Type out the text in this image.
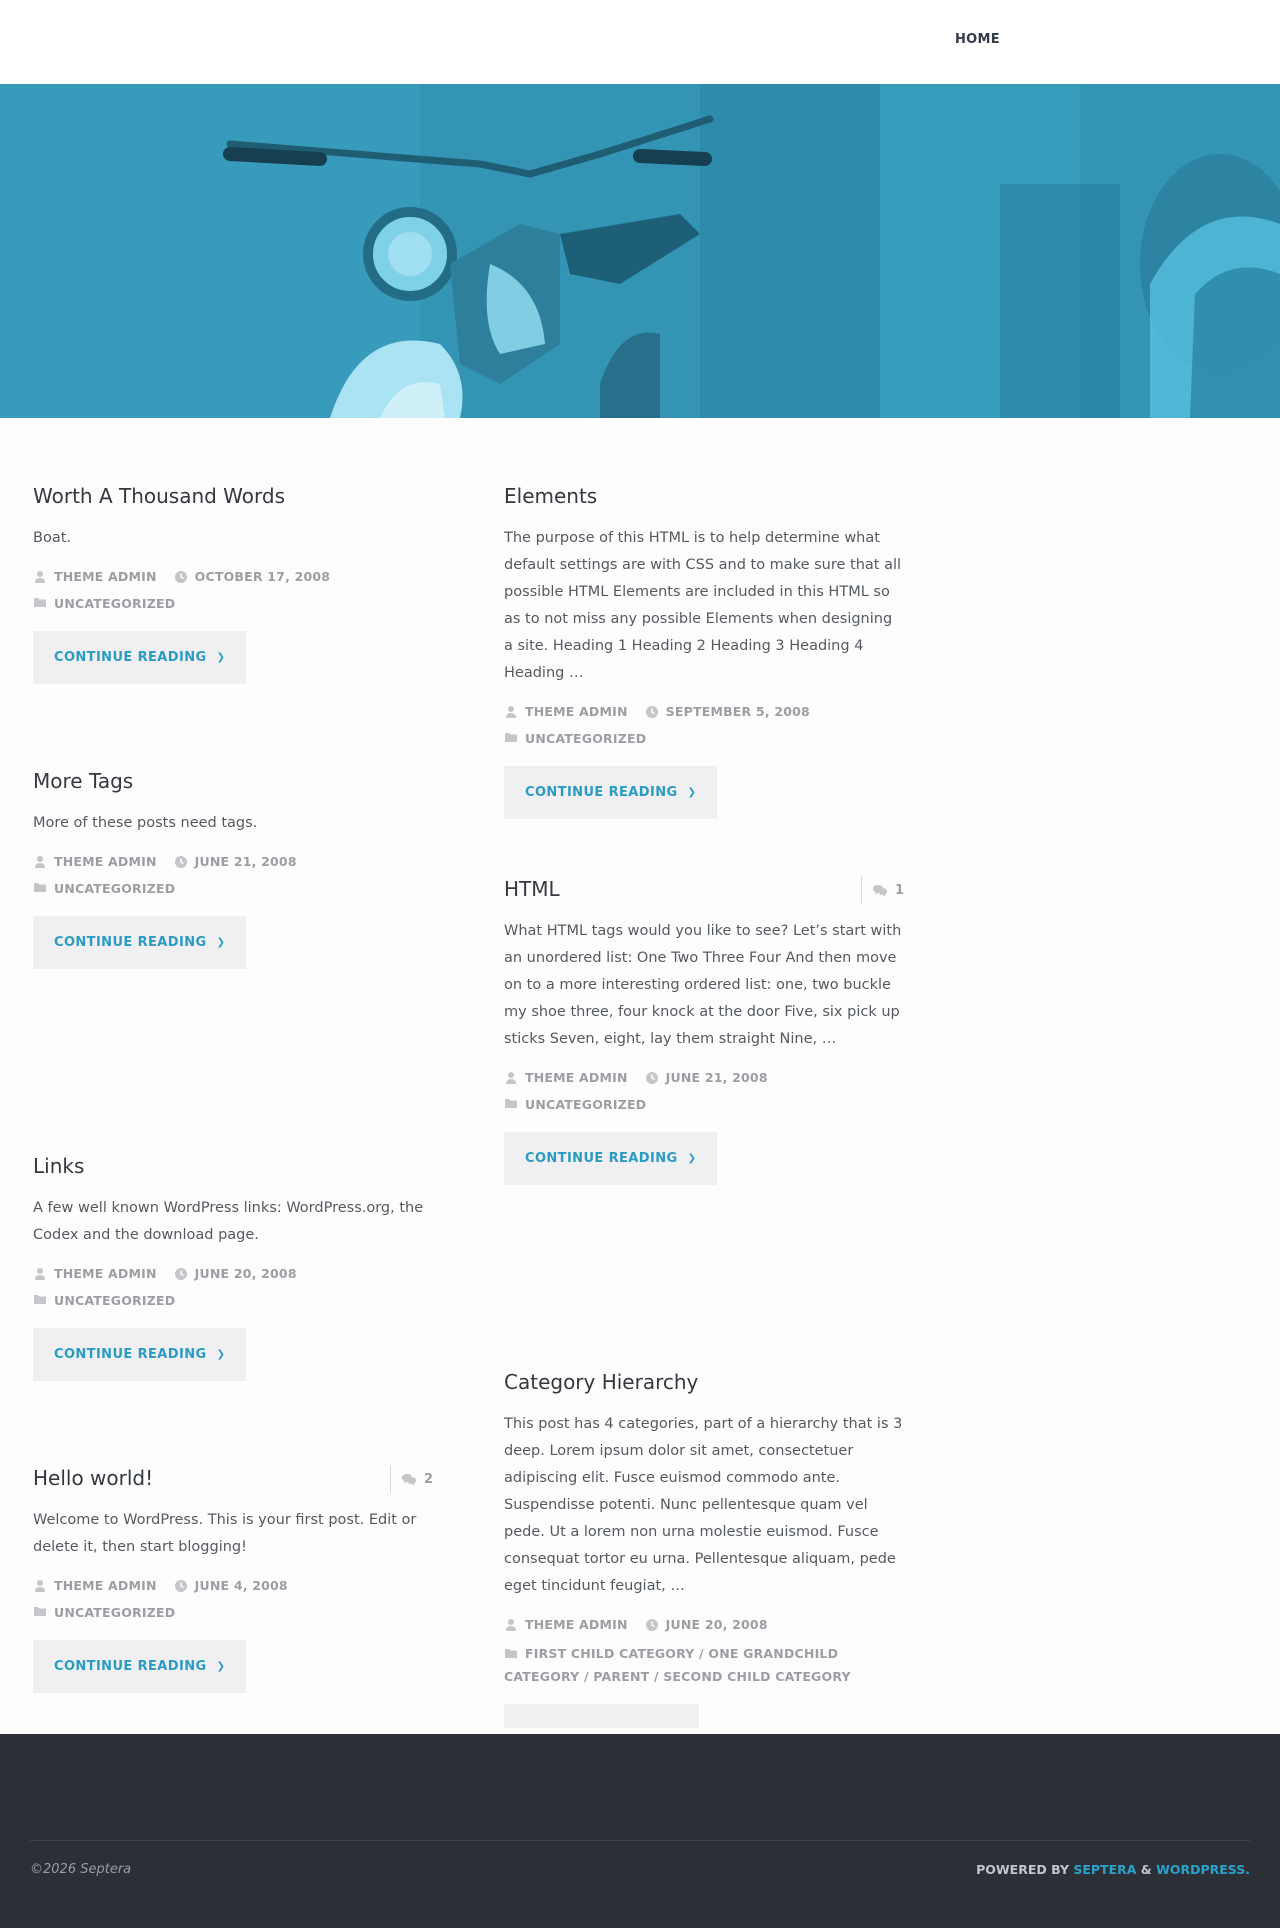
HOME
Worth A Thousand Words

Boat.

THEME ADMIN	OCTOBER 17, 2008
UNCATEGORIZED
CONTINUE READING ❯
Elements

The purpose of this HTML is to help determine what default settings are with CSS and to make sure that all possible HTML Elements are included in this HTML so as to not miss any possible Elements when designing a site. Heading 1 Heading 2 Heading 3 Heading 4 Heading …

THEME ADMIN	SEPTEMBER 5, 2008
UNCATEGORIZED
CONTINUE READING ❯
More Tags

More of these posts need tags.

THEME ADMIN	JUNE 21, 2008
UNCATEGORIZED
CONTINUE READING ❯
HTML	1

What HTML tags would you like to see? Let’s start with an unordered list: One Two Three Four And then move on to a more interesting ordered list: one, two buckle my shoe three, four knock at the door Five, six pick up sticks Seven, eight, lay them straight Nine, …

THEME ADMIN	JUNE 21, 2008
UNCATEGORIZED
CONTINUE READING ❯
Links

A few well known WordPress links: WordPress.org, the Codex and the download page.

THEME ADMIN	JUNE 20, 2008
UNCATEGORIZED
CONTINUE READING ❯
Category Hierarchy

This post has 4 categories, part of a hierarchy that is 3 deep. Lorem ipsum dolor sit amet, consectetuer adipiscing elit. Fusce euismod commodo ante. Suspendisse potenti. Nunc pellentesque quam vel pede. Ut a lorem non urna molestie euismod. Fusce consequat tortor eu urna. Pellentesque aliquam, pede eget tincidunt feugiat, …

THEME ADMIN	JUNE 20, 2008
FIRST CHILD CATEGORY / ONE GRANDCHILD CATEGORY / PARENT / SECOND CHILD CATEGORY
Hello world!	2

Welcome to WordPress. This is your first post. Edit or delete it, then start blogging!

THEME ADMIN	JUNE 4, 2008
UNCATEGORIZED
CONTINUE READING ❯
©2026 Septera	POWERED BY SEPTERA & WORDPRESS.
